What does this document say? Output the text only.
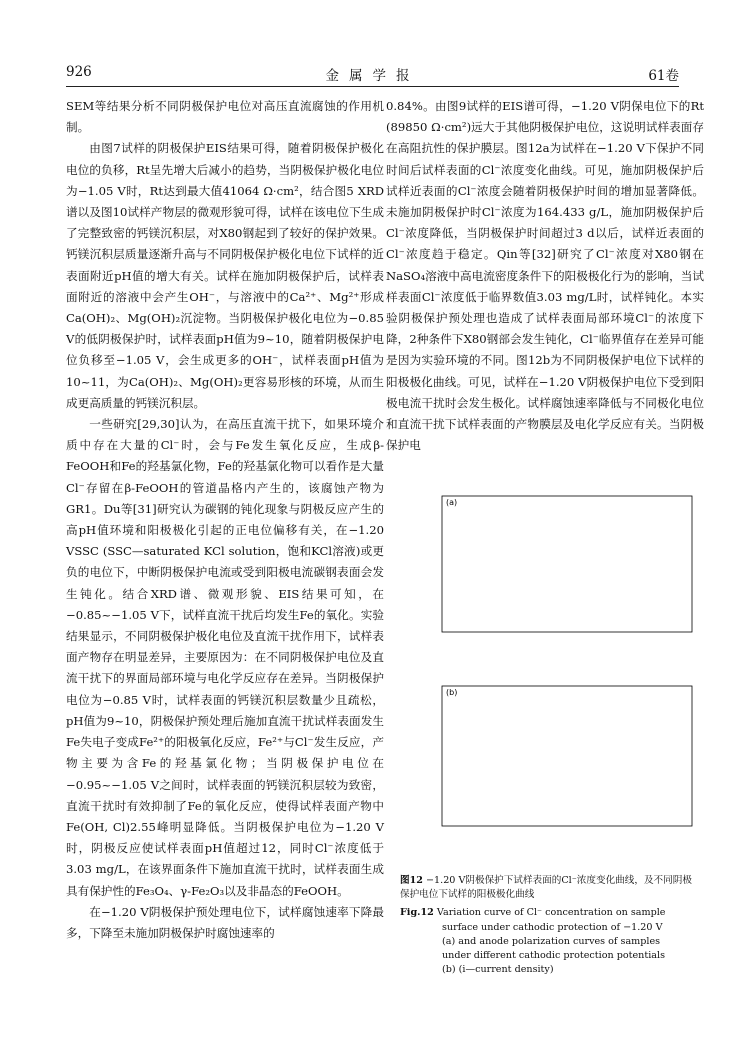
926	金属学报	61卷

SEM等结果分析不同阴极保护电位对高压直流腐蚀的作用机制。

由图7试样的阴极保护EIS结果可得，随着阴极保护极化电位的负移，Rt呈先增大后减小的趋势，当阴极保护极化电位为−1.05 V时，Rt达到最大值41064 Ω·cm²，结合图5 XRD谱以及图10试样产物层的微观形貌可得，试样在该电位下生成了完整致密的钙镁沉积层，对X80钢起到了较好的保护效果。钙镁沉积层质量逐渐升高与不同阴极保护极化电位下试样的近表面附近pH值的增大有关。试样在施加阴极保护后，试样表面附近的溶液中会产生OH⁻，与溶液中的Ca²⁺、Mg²⁺形成Ca(OH)₂、Mg(OH)₂沉淀物。当阴极保护极化电位为−0.85 V的低阴极保护时，试样表面pH值为9~10，随着阴极保护电位负移至−1.05 V，会生成更多的OH⁻，试样表面pH值为10~11，为Ca(OH)₂、Mg(OH)₂更容易形核的环境，从而生成更高质量的钙镁沉积层。

一些研究[29,30]认为，在高压直流干扰下，如果环境介质中存在大量的Cl⁻时，会与Fe发生氧化反应，生成β-FeOOH和Fe的羟基氯化物，Fe的羟基氯化物可以看作是大量Cl⁻存留在β-FeOOH的管道晶格内产生的，该腐蚀产物为GR1。Du等[31]研究认为碳钢的钝化现象与阴极反应产生的高pH值环境和阳极极化引起的正电位偏移有关，在−1.20 VSSC (SSC—saturated KCl solution，饱和KCl溶液)或更负的电位下，中断阴极保护电流或受到阳极电流碳钢表面会发生钝化。结合XRD谱、微观形貌、EIS结果可知，在−0.85~−1.05 V下，试样直流干扰后均发生Fe的氧化。实验结果显示，不同阴极保护极化电位及直流干扰作用下，试样表面产物存在明显差异，主要原因为：在不同阴极保护电位及直流干扰下的界面局部环境与电化学反应存在差异。当阴极保护电位为−0.85 V时，试样表面的钙镁沉积层数量少且疏松，pH值为9~10，阴极保护预处理后施加直流干扰试样表面发生Fe失电子变成Fe²⁺的阳极氧化反应，Fe²⁺与Cl⁻发生反应，产物主要为含Fe的羟基氯化物；当阴极保护电位在−0.95~−1.05 V之间时，试样表面的钙镁沉积层较为致密，直流干扰时有效抑制了Fe的氧化反应，使得试样表面产物中Fe(OH, Cl)2.55峰明显降低。当阴极保护电位为−1.20 V时，阴极反应使试样表面pH值超过12，同时Cl⁻浓度低于3.03 mg/L，在该界面条件下施加直流干扰时，试样表面生成具有保护性的Fe₃O₄、γ-Fe₂O₃以及非晶态的FeOOH。

在−1.20 V阴极保护预处理电位下，试样腐蚀速率下降最多，下降至未施加阴极保护时腐蚀速率的

0.84%。由图9试样的EIS谱可得，−1.20 V阴保电位下的Rt (89850 Ω·cm²)远大于其他阴极保护电位，这说明试样表面存在高阻抗性的保护膜层。图12a为试样在−1.20 V下保护不同时间后试样表面的Cl⁻浓度变化曲线。可见，施加阴极保护后试样近表面的Cl⁻浓度会随着阴极保护时间的增加显著降低。未施加阴极保护时Cl⁻浓度为164.433 g/L，施加阴极保护后Cl⁻浓度降低，当阴极保护时间超过3 d以后，试样近表面的Cl⁻浓度趋于稳定。Qin等[32]研究了Cl⁻浓度对X80钢在NaSO₄溶液中高电流密度条件下的阳极极化行为的影响，当试样表面Cl⁻浓度低于临界数值3.03 mg/L时，试样钝化。本实验阴极保护预处理也造成了试样表面局部环境Cl⁻的浓度下降，2种条件下X80钢部会发生钝化，Cl⁻临界值存在差异可能是因为实验环境的不同。图12b为不同阴极保护电位下试样的阳极极化曲线。可见，试样在−1.20 V阴极保护电位下受到阳极电流干扰时会发生极化。试样腐蚀速率降低与不同极化电位和直流干扰下试样表面的产物膜层及电化学反应有关。当阴极保护电

(a)
(b)
图12 −1.20 V阴极保护下试样表面的Cl⁻浓度变化曲线，及不同阴极保护电位下试样的阳极极化曲线
Fig.12 Variation curve of Cl⁻ concentration on sample
surface under cathodic protection of −1.20 V
(a) and anode polarization curves of samples
under different cathodic protection potentials
(b) (i—current density)
